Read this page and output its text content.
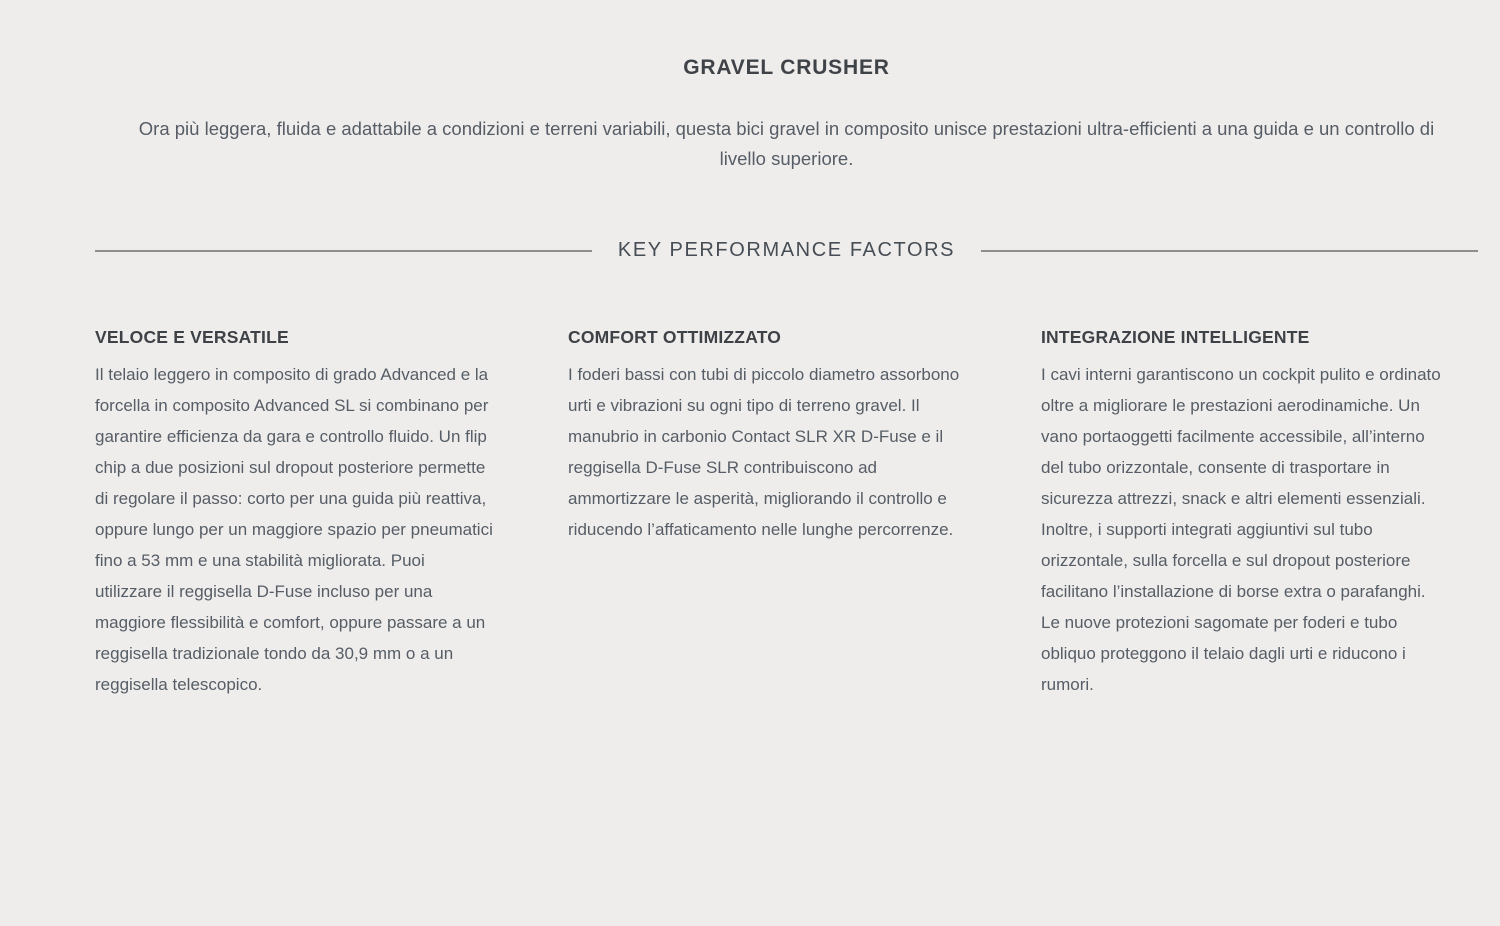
GRAVEL CRUSHER

Ora più leggera, fluida e adattabile a condizioni e terreni variabili, questa bici gravel in composito unisce prestazioni ultra-efficienti a una guida e un controllo di livello superiore.

KEY PERFORMANCE FACTORS
VELOCE E VERSATILE

Il telaio leggero in composito di grado Advanced e la forcella in composito Advanced SL si combinano per garantire efficienza da gara e controllo fluido. Un flip chip a due posizioni sul dropout posteriore permette di regolare il passo: corto per una guida più reattiva, oppure lungo per un maggiore spazio per pneumatici fino a 53 mm e una stabilità migliorata. Puoi utilizzare il reggisella D-Fuse incluso per una maggiore flessibilità e comfort, oppure passare a un reggisella tradizionale tondo da 30,9 mm o a un reggisella telescopico.

COMFORT OTTIMIZZATO

I foderi bassi con tubi di piccolo diametro assorbono urti e vibrazioni su ogni tipo di terreno gravel. Il manubrio in carbonio Contact SLR XR D-Fuse e il reggisella D-Fuse SLR contribuiscono ad ammortizzare le asperità, migliorando il controllo e riducendo l’affaticamento nelle lunghe percorrenze.

INTEGRAZIONE INTELLIGENTE

I cavi interni garantiscono un cockpit pulito e ordinato oltre a migliorare le prestazioni aerodinamiche. Un vano portaoggetti facilmente accessibile, all’interno del tubo orizzontale, consente di trasportare in sicurezza attrezzi, snack e altri elementi essenziali. Inoltre, i supporti integrati aggiuntivi sul tubo orizzontale, sulla forcella e sul dropout posteriore facilitano l’installazione di borse extra o parafanghi. Le nuove protezioni sagomate per foderi e tubo obliquo proteggono il telaio dagli urti e riducono i rumori.
